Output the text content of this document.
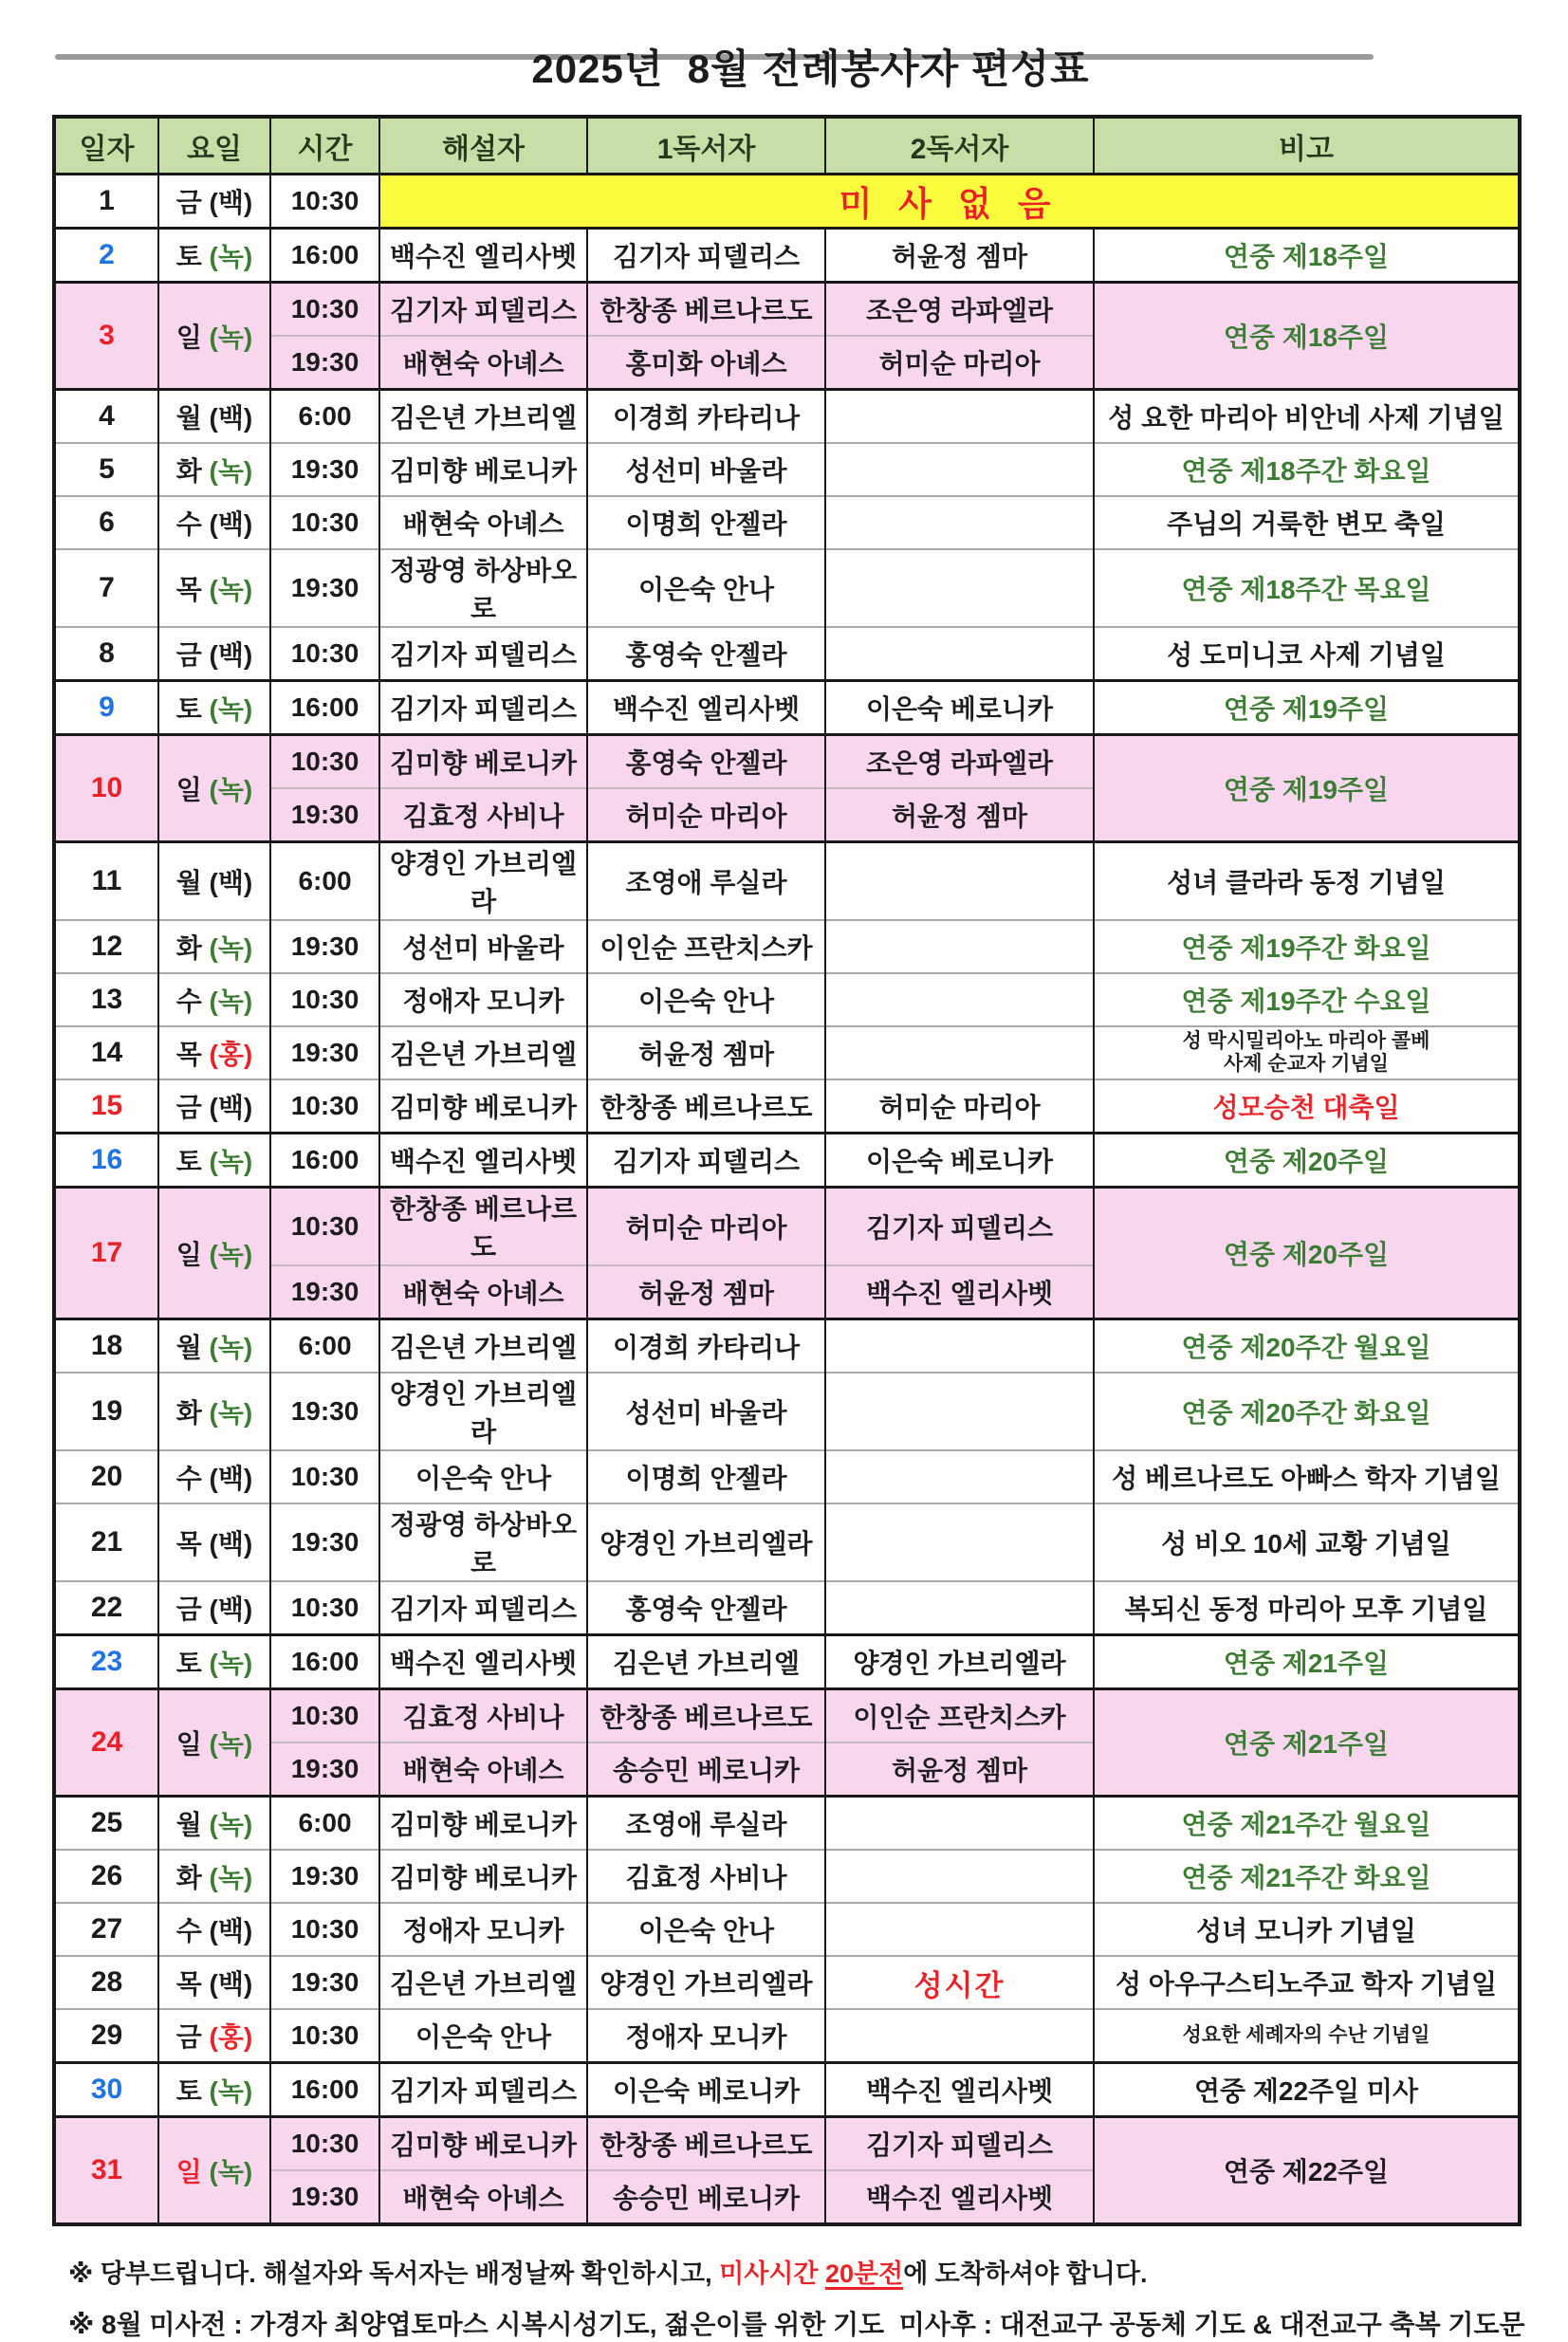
2025년  8월 전례봉사자 편성표
일자	요일	시간	해설자	1독서자	2독서자	비고
1	금 (백)	10:30	미 사 없 음			
2	토 (녹)	16:00	백수진 엘리사벳	김기자 피델리스	허윤정 젬마	연중 제18주일

3	일 (녹)	10:30	김기자 피델리스	한창종 베르나르도	조은영 라파엘라	연중 제18주일

		19:30	배현숙 아녜스	홍미화 아녜스	허미순 마리아	
4	월 (백)	6:00	김은년 가브리엘	이경희 카타리나		성 요한 마리아 비안네 사제 기념일

5	화 (녹)	19:30	김미향 베로니카	성선미 바울라		연중 제18주간 화요일

6	수 (백)	10:30	배현숙 아녜스	이명희 안젤라		주님의 거룩한 변모 축일

7	목 (녹)	19:30	정광영 하상바오로	이은숙 안나		연중 제18주간 목요일

8	금 (백)	10:30	김기자 피델리스	홍영숙 안젤라		성 도미니코 사제 기념일

9	토 (녹)	16:00	김기자 피델리스	백수진 엘리사벳	이은숙 베로니카	연중 제19주일

10	일 (녹)	10:30	김미향 베로니카	홍영숙 안젤라	조은영 라파엘라	연중 제19주일

		19:30	김효정 사비나	허미순 마리아	허윤정 젬마	
11	월 (백)	6:00	양경인 가브리엘라	조영애 루실라		성녀 클라라 동정 기념일

12	화 (녹)	19:30	성선미 바울라	이인순 프란치스카		연중 제19주간 화요일

13	수 (녹)	10:30	정애자 모니카	이은숙 안나		연중 제19주간 수요일

14	목 (홍)	19:30	김은년 가브리엘	허윤정 젬마		성 막시밀리아노 마리아 콜베
사제 순교자 기념일

15	금 (백)	10:30	김미향 베로니카	한창종 베르나르도	허미순 마리아	성모승천 대축일

16	토 (녹)	16:00	백수진 엘리사벳	김기자 피델리스	이은숙 베로니카	연중 제20주일

17	일 (녹)	10:30	한창종 베르나르도	허미순 마리아	김기자 피델리스	연중 제20주일

		19:30	배현숙 아녜스	허윤정 젬마	백수진 엘리사벳	
18	월 (녹)	6:00	김은년 가브리엘	이경희 카타리나		연중 제20주간 월요일

19	화 (녹)	19:30	양경인 가브리엘라	성선미 바울라		연중 제20주간 화요일

20	수 (백)	10:30	이은숙 안나	이명희 안젤라		성 베르나르도 아빠스 학자 기념일

21	목 (백)	19:30	정광영 하상바오로	양경인 가브리엘라		성 비오 10세 교황 기념일

22	금 (백)	10:30	김기자 피델리스	홍영숙 안젤라		복되신 동정 마리아 모후 기념일

23	토 (녹)	16:00	백수진 엘리사벳	김은년 가브리엘	양경인 가브리엘라	연중 제21주일

24	일 (녹)	10:30	김효정 사비나	한창종 베르나르도	이인순 프란치스카	연중 제21주일

		19:30	배현숙 아녜스	송승민 베로니카	허윤정 젬마	
25	월 (녹)	6:00	김미향 베로니카	조영애 루실라		연중 제21주간 월요일

26	화 (녹)	19:30	김미향 베로니카	김효정 사비나		연중 제21주간 화요일

27	수 (백)	10:30	정애자 모니카	이은숙 안나		성녀 모니카 기념일

28	목 (백)	19:30	김은년 가브리엘	양경인 가브리엘라	성시간	성 아우구스티노주교 학자 기념일

29	금 (홍)	10:30	이은숙 안나	정애자 모니카		성요한 세례자의 수난 기념일

30	토 (녹)	16:00	김기자 피델리스	이은숙 베로니카	백수진 엘리사벳	연중 제22주일 미사

31	일 (녹)	10:30	김미향 베로니카	한창종 베르나르도	김기자 피델리스	연중 제22주일

		19:30	배현숙 아녜스	송승민 베로니카	백수진 엘리사벳	
※ 당부드립니다. 해설자와 독서자는 배정날짜 확인하시고, 미사시간 20분전에 도착하셔야 합니다.
※ 8월 미사전 : 가경자 최양엽토마스 시복시성기도, 젊은이를 위한 기도  미사후 : 대전교구 공동체 기도 & 대전교구 축복 기도문
